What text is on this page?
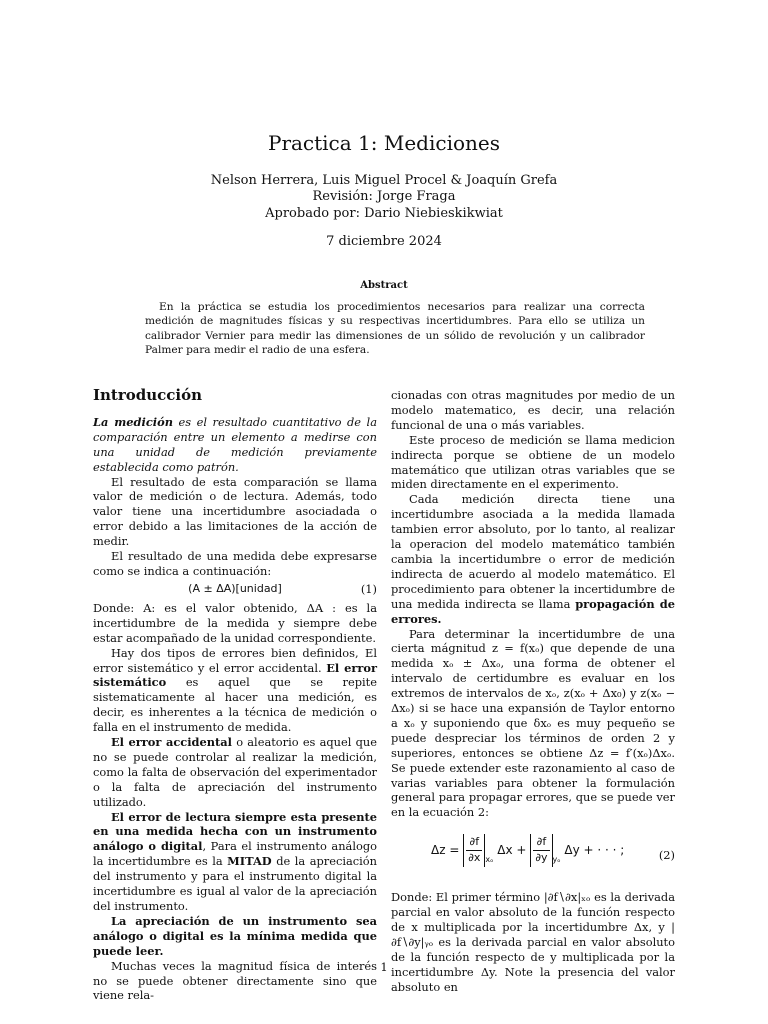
Practica 1: Mediciones
Nelson Herrera, Luis Miguel Procel & Joaquín Grefa
Revisión: Jorge Fraga
Aprobado por: Dario Niebieskikwiat
7 diciembre 2024
Abstract
En la práctica se estudia los procedimientos necesarios para realizar una correcta medición de magnitudes físicas y su respectivas incertidumbres. Para ello se utiliza un calibrador Vernier para medir las dimensiones de un sólido de revolución y un calibrador Palmer para medir el radio de una esfera.
Introducción

La medición es el resultado cuantitativo de la comparación entre un elemento a medirse con una unidad de medición previamente establecida como patrón.

El resultado de esta comparación se llama valor de medición o de lectura. Además, todo valor tiene una incertidumbre asociadada o error debido a las limitaciones de la acción de medir.

El resultado de una medida debe expresarse como se indica a continuación:

(A ± ΔA)[unidad]	(1)

Donde: A: es el valor obtenido, ΔA : es la incertidumbre de la medida y siempre debe estar acompañado de la unidad correspondiente.

Hay dos tipos de errores bien definidos, El error sistemático y el error accidental. El error sistemático es aquel que se repite sistematicamente al hacer una medición, es decir, es inherentes a la técnica de medición o falla en el instrumento de medida.

El error accidental o aleatorio es aquel que no se puede controlar al realizar la medición, como la falta de observación del experimentador o la falta de apreciación del instrumento utilizado.

El error de lectura siempre esta presente en una medida hecha con un instrumento análogo o digital, Para el instrumento análogo la incertidumbre es la MITAD de la apreciación del instrumento y para el instrumento digital la incertidumbre es igual al valor de la apreciación del instrumento.

La apreciación de un instrumento sea análogo o digital es la mínima medida que puede leer.

Muchas veces la magnitud física de interés no se puede obtener directamente sino que viene rela-

cionadas con otras magnitudes por medio de un modelo matematico, es decir, una relación funcional de una o más variables.

Este proceso de medición se llama medicion indirecta porque se obtiene de un modelo matemático que utilizan otras variables que se miden directamente en el experimento.

Cada medición directa tiene una incertidumbre asociada a la medida llamada tambien error absoluto, por lo tanto, al realizar la operacion del modelo matemático también cambia la incertidumbre o error de medición indirecta de acuerdo al modelo matemático. El procedimiento para obtener la incertidumbre de una medida indirecta se llama propagación de errores.

Para determinar la incertidumbre de una cierta mágnitud z = f(xₒ) que depende de una medida xₒ ± Δxₒ, una forma de obtener el intervalo de certidumbre es evaluar en los extremos de intervalos de xₒ, z(xₒ + Δx₀) y z(xₒ − Δxₒ) si se hace una expansión de Taylor entorno a xₒ y suponiendo que δxₒ es muy pequeño se puede despreciar los términos de orden 2 y superiores, entonces se obtiene Δz = f′(xₒ)Δxₒ. Se puede extender este razonamiento al caso de varias variables para obtener la formulación general para propagar errores, que se puede ver en la ecuación 2:

$\Delta z = \frac{\partial f}{\partial x} _{x_o}$ $\Delta x + \frac{\partial f}{\partial y} _{y_o}$ Δy + · · · ;	(2)

Donde: El primer término |∂f∖∂x|ₓₒ es la derivada parcial en valor absoluto de la función respecto de x multiplicada por la incertidumbre Δx, y |∂f∖∂y|ᵧₒ es la derivada parcial en valor absoluto de la función respecto de y multiplicada por la incertidumbre Δy. Note la presencia del valor absoluto en

1
